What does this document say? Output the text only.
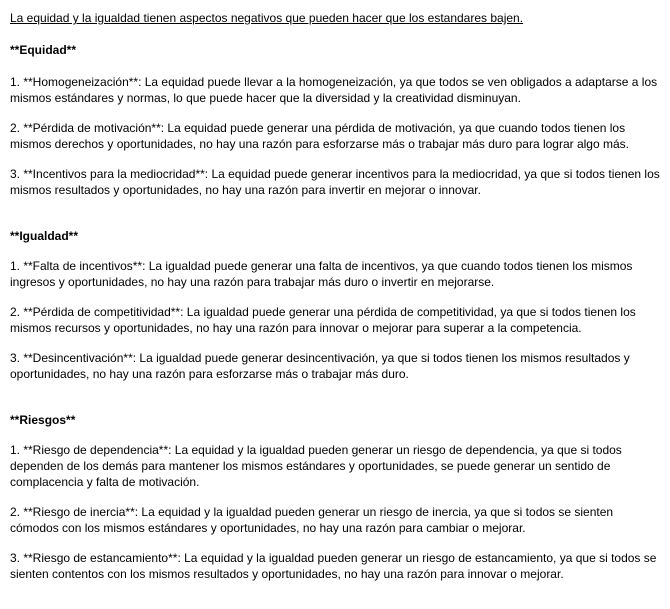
La equidad y la igualdad tienen aspectos negativos que pueden hacer que los estandares bajen.

**Equidad**

1. **Homogeneización**: La equidad puede llevar a la homogeneización, ya que todos se ven obligados a adaptarse a los mismos estándares y normas, lo que puede hacer que la diversidad y la creatividad disminuyan.

2. **Pérdida de motivación**: La equidad puede generar una pérdida de motivación, ya que cuando todos tienen los mismos derechos y oportunidades, no hay una razón para esforzarse más o trabajar más duro para lograr algo más.

3. **Incentivos para la mediocridad**: La equidad puede generar incentivos para la mediocridad, ya que si todos tienen los mismos resultados y oportunidades, no hay una razón para invertir en mejorar o innovar.

**Igualdad**

1. **Falta de incentivos**: La igualdad puede generar una falta de incentivos, ya que cuando todos tienen los mismos ingresos y oportunidades, no hay una razón para trabajar más duro o invertir en mejorarse.

2. **Pérdida de competitividad**: La igualdad puede generar una pérdida de competitividad, ya que si todos tienen los mismos recursos y oportunidades, no hay una razón para innovar o mejorar para superar a la competencia.

3. **Desincentivación**: La igualdad puede generar desincentivación, ya que si todos tienen los mismos resultados y oportunidades, no hay una razón para esforzarse más o trabajar más duro.

**Riesgos**

1. **Riesgo de dependencia**: La equidad y la igualdad pueden generar un riesgo de dependencia, ya que si todos dependen de los demás para mantener los mismos estándares y oportunidades, se puede generar un sentido de complacencia y falta de motivación.

2. **Riesgo de inercia**: La equidad y la igualdad pueden generar un riesgo de inercia, ya que si todos se sienten cómodos con los mismos estándares y oportunidades, no hay una razón para cambiar o mejorar.

3. **Riesgo de estancamiento**: La equidad y la igualdad pueden generar un riesgo de estancamiento, ya que si todos se sienten contentos con los mismos resultados y oportunidades, no hay una razón para innovar o mejorar.
